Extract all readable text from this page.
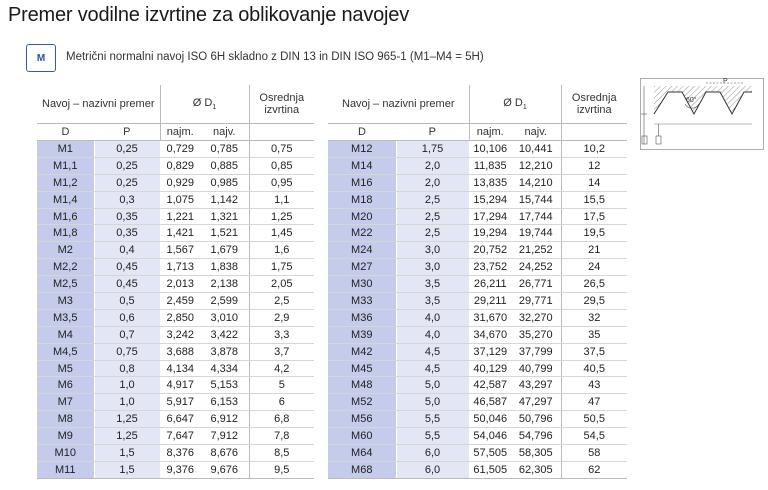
Premer vodilne izvrtine za oblikovanje navojev
M	Metrični normalni navoj ISO 6H skladno z DIN 13 in DIN ISO 965-1 (M1–M4 = 5H)
Navoj – nazivni premer		Ø $D_1$		Osrednja
izvrtina
D	P	najm.	najv.	
M1	0,25	0,729	0,785	0,75
M1,1	0,25	0,829	0,885	0,85
M1,2	0,25	0,929	0,985	0,95
M1,4	0,3	1,075	1,142	1,1
M1,6	0,35	1,221	1,321	1,25
M1,8	0,35	1,421	1,521	1,45
M2	0,4	1,567	1,679	1,6
M2,2	0,45	1,713	1,838	1,75
M2,5	0,45	2,013	2,138	2,05
M3	0,5	2,459	2,599	2,5
M3,5	0,6	2,850	3,010	2,9
M4	0,7	3,242	3,422	3,3
M4,5	0,75	3,688	3,878	3,7
M5	0,8	4,134	4,334	4,2
M6	1,0	4,917	5,153	5
M7	1,0	5,917	6,153	6
M8	1,25	6,647	6,912	6,8
M9	1,25	7,647	7,912	7,8
M10	1,5	8,376	8,676	8,5
M11	1,5	9,376	9,676	9,5
Navoj – nazivni premer		Ø $D_1$		Osrednja
izvrtina
D	P	najm.	najv.	
M12	1,75	10,106	10,441	10,2
M14	2,0	11,835	12,210	12
M16	2,0	13,835	14,210	14
M18	2,5	15,294	15,744	15,5
M20	2,5	17,294	17,744	17,5
M22	2,5	19,294	19,744	19,5
M24	3,0	20,752	21,252	21
M27	3,0	23,752	24,252	24
M30	3,5	26,211	26,771	26,5
M33	3,5	29,211	29,771	29,5
M36	4,0	31,670	32,270	32
M39	4,0	34,670	35,270	35
M42	4,5	37,129	37,799	37,5
M45	4,5	40,129	40,799	40,5
M48	5,0	42,587	43,297	43
M52	5,0	46,587	47,297	47
M56	5,5	50,046	50,796	50,5
M60	5,5	54,046	54,796	54,5
M64	6,0	57,505	58,305	58
M68	6,0	61,505	62,305	62
60°
P
